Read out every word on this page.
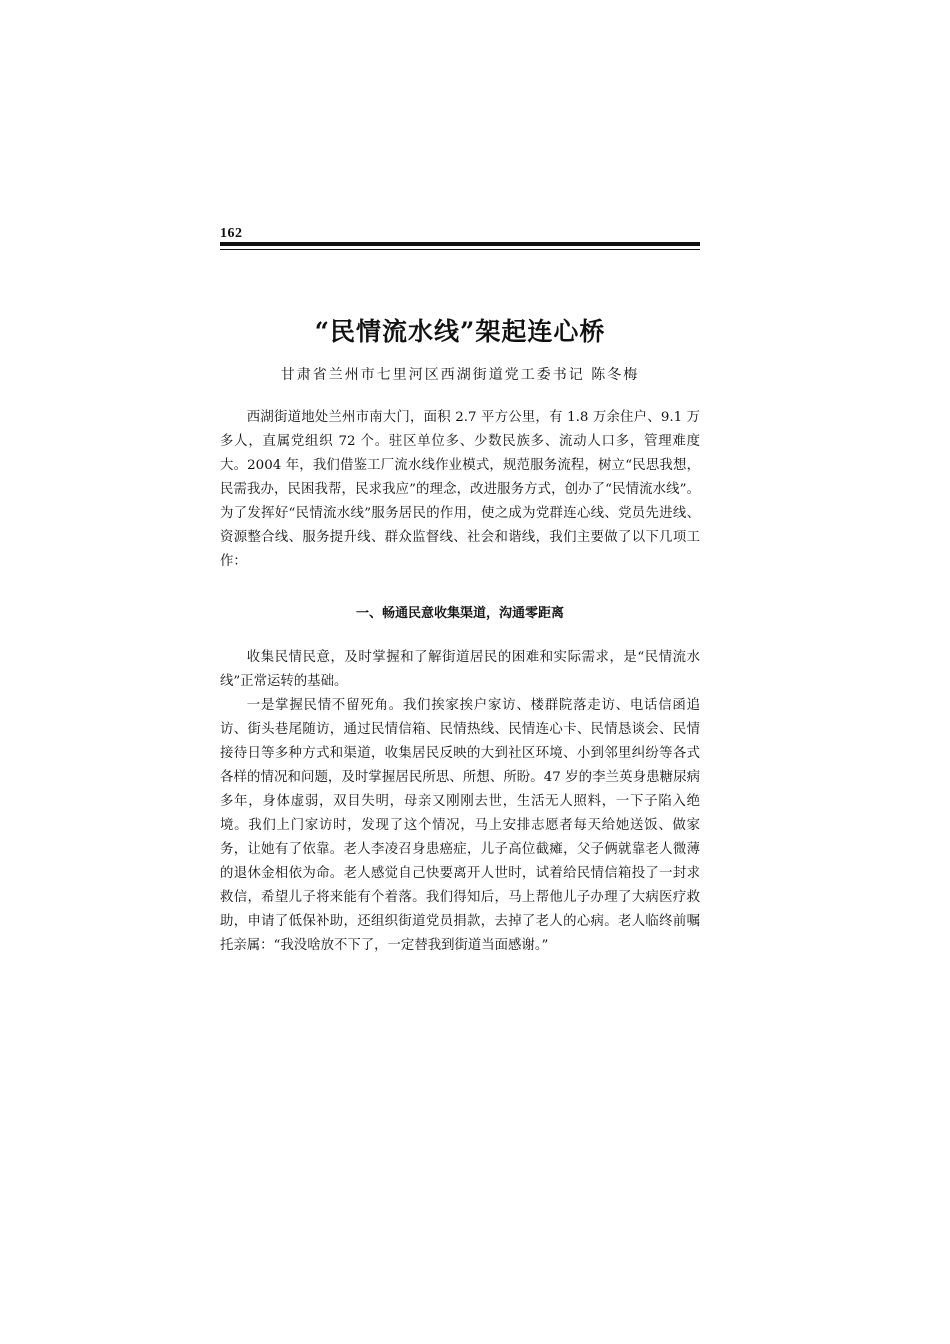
162
“民情流水线”架起连心桥
甘肃省兰州市七里河区西湖街道党工委书记 陈冬梅

西湖街道地处兰州市南大门，面积 2.7 平方公里，有 1.8 万余住户、9.1 万多人，直属党组织 72 个。驻区单位多、少数民族多、流动人口多，管理难度大。2004 年，我们借鉴工厂流水线作业模式，规范服务流程，树立“民思我想，民需我办，民困我帮，民求我应”的理念，改进服务方式，创办了“民情流水线”。为了发挥好“民情流水线”服务居民的作用，使之成为党群连心线、党员先进线、资源整合线、服务提升线、群众监督线、社会和谐线，我们主要做了以下几项工作：

一、畅通民意收集渠道，沟通零距离

收集民情民意，及时掌握和了解街道居民的困难和实际需求，是“民情流水线”正常运转的基础。

一是掌握民情不留死角。我们挨家挨户家访、楼群院落走访、电话信函追访、街头巷尾随访，通过民情信箱、民情热线、民情连心卡、民情恳谈会、民情接待日等多种方式和渠道，收集居民反映的大到社区环境、小到邻里纠纷等各式各样的情况和问题，及时掌握居民所思、所想、所盼。47 岁的李兰英身患糖尿病多年，身体虚弱，双目失明，母亲又刚刚去世，生活无人照料，一下子陷入绝境。我们上门家访时，发现了这个情况，马上安排志愿者每天给她送饭、做家务，让她有了依靠。老人李凌召身患癌症，儿子高位截瘫，父子俩就靠老人微薄的退休金相依为命。老人感觉自己快要离开人世时，试着给民情信箱投了一封求救信，希望儿子将来能有个着落。我们得知后，马上帮他儿子办理了大病医疗救助，申请了低保补助，还组织街道党员捐款，去掉了老人的心病。老人临终前嘱托亲属：“我没啥放不下了，一定替我到街道当面感谢。”
